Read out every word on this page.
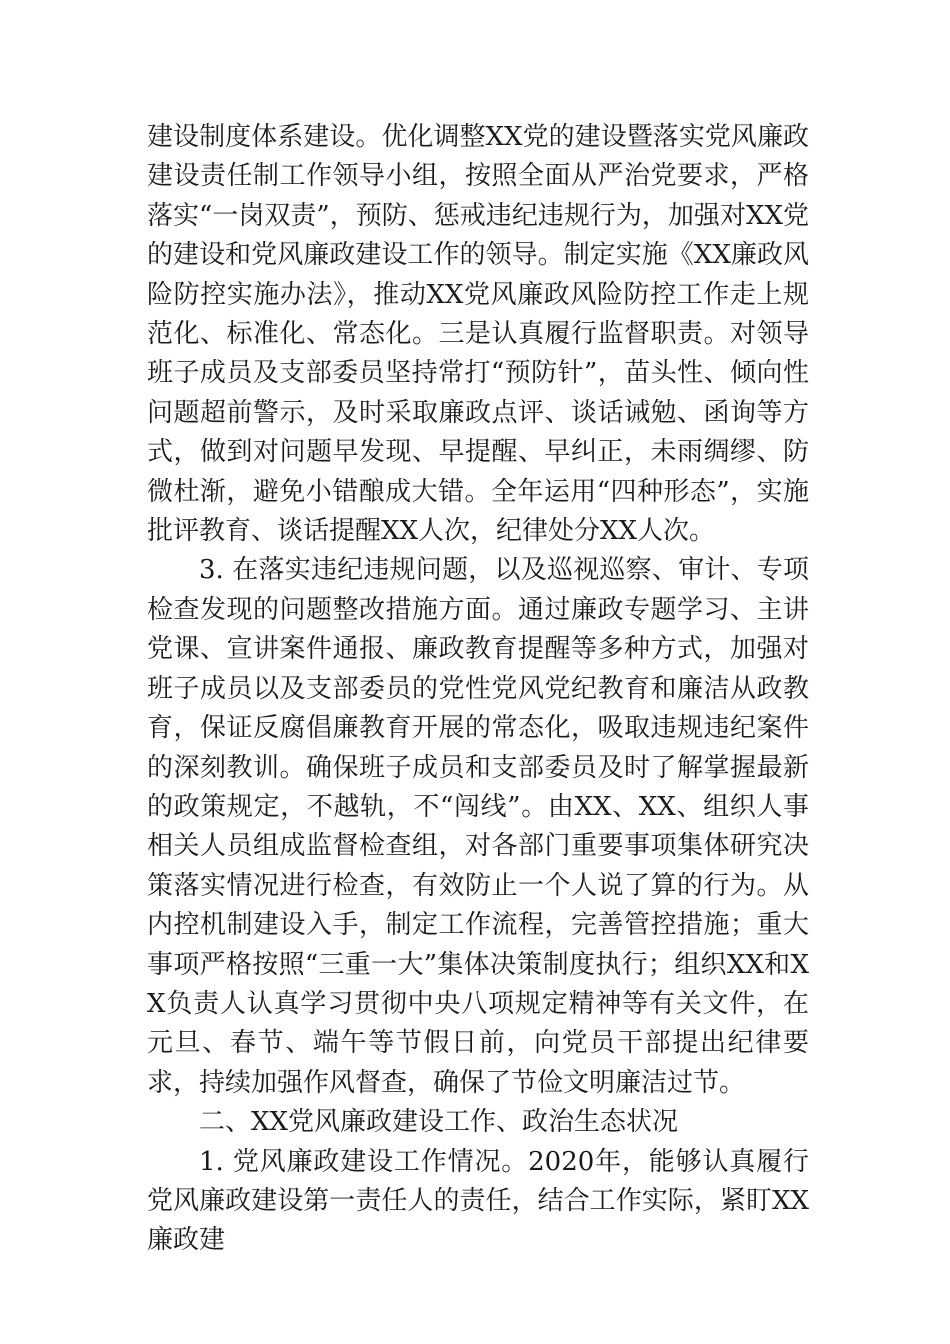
建设制度体系建设。优化调整XX党的建设暨落实党风廉政建设责任制工作领导小组，按照全面从严治党要求，严格落实“一岗双责”，预防、惩戒违纪违规行为，加强对XX党的建设和党风廉政建设工作的领导。制定实施《XX廉政风险防控实施办法》，推动XX党风廉政风险防控工作走上规范化、标准化、常态化。三是认真履行监督职责。对领导班子成员及支部委员坚持常打“预防针”，苗头性、倾向性问题超前警示，及时采取廉政点评、谈话诫勉、函询等方式，做到对问题早发现、早提醒、早纠正，未雨绸缪、防微杜渐，避免小错酿成大错。全年运用“四种形态”，实施批评教育、谈话提醒XX人次，纪律处分XX人次。

3. 在落实违纪违规问题，以及巡视巡察、审计、专项检查发现的问题整改措施方面。通过廉政专题学习、主讲党课、宣讲案件通报、廉政教育提醒等多种方式，加强对班子成员以及支部委员的党性党风党纪教育和廉洁从政教育，保证反腐倡廉教育开展的常态化，吸取违规违纪案件的深刻教训。确保班子成员和支部委员及时了解掌握最新的政策规定，不越轨，不“闯线”。由XX、XX、组织人事相关人员组成监督检查组，对各部门重要事项集体研究决策落实情况进行检查，有效防止一个人说了算的行为。从内控机制建设入手，制定工作流程，完善管控措施；重大事项严格按照“三重一大”集体决策制度执行；组织XX和XX负责人认真学习贯彻中央八项规定精神等有关文件，在元旦、春节、端午等节假日前，向党员干部提出纪律要求，持续加强作风督查，确保了节俭文明廉洁过节。

二、XX党风廉政建设工作、政治生态状况

1. 党风廉政建设工作情况。2020年，能够认真履行党风廉政建设第一责任人的责任，结合工作实际，紧盯XX廉政建
